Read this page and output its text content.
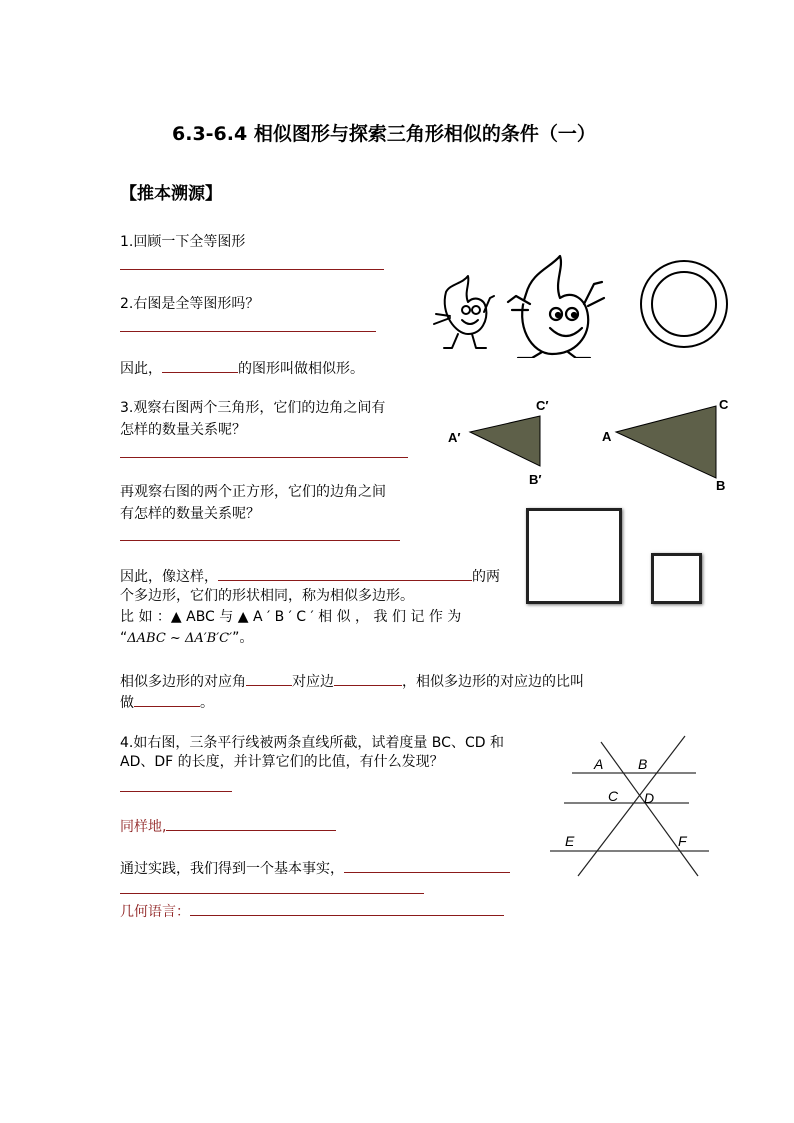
6.3-6.4 相似图形与探索三角形相似的条件（一）
【推本溯源】
1.回顾一下全等图形
2.右图是全等图形吗？
因此，	的图形叫做相似形。
3.观察右图两个三角形，它们的边角之间有
怎样的数量关系呢？	A′
B′
C′
A
B
C
再观察右图的两个正方形，它们的边角之间
有怎样的数量关系呢？
因此，像这样，	的两
个多边形，它们的形状相同，称为相似多边形。
比 如 ：▲ ABC 与 ▲ A ′ B ′ C ′ 相 似 ， 我 们 记 作 为
“ΔABC ~ ΔA′B′C′”。
相似多边形的对应角	对应边	，相似多边形的对应边的比叫
做	。
4.如右图，三条平行线被两条直线所截，试着度量 BC、CD 和
AD、DF 的长度，并计算它们的比值，有什么发现？	A B
C D
E	F
同样地,
通过实践，我们得到一个基本事实，
几何语言：
